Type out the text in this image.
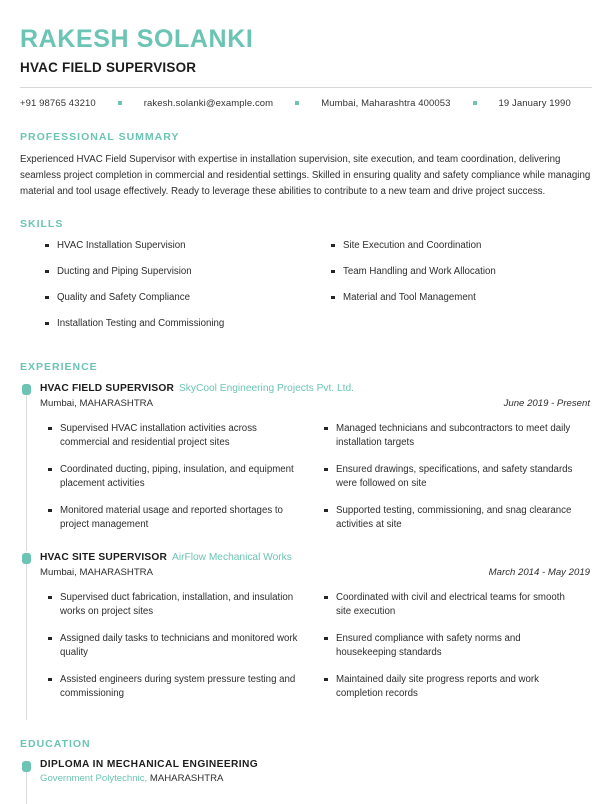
RAKESH SOLANKI
HVAC FIELD SUPERVISOR
+91 98765 43210	rakesh.solanki@example.com	Mumbai, Maharashtra 400053	19 January 1990
PROFESSIONAL SUMMARY

Experienced HVAC Field Supervisor with expertise in installation supervision, site execution, and team coordination, delivering seamless project completion in commercial and residential settings. Skilled in ensuring quality and safety compliance while managing material and tool usage effectively. Ready to leverage these abilities to contribute to a new team and drive project success.

SKILLS
HVAC Installation Supervision
Ducting and Piping Supervision
Quality and Safety Compliance
Installation Testing and Commissioning
Site Execution and Coordination
Team Handling and Work Allocation
Material and Tool Management
EXPERIENCE
HVAC FIELD SUPERVISOR SkyCool Engineering Projects Pvt. Ltd.
Mumbai, MAHARASHTRA	June 2019 - Present
Supervised HVAC installation activities across commercial and residential project sites
Coordinated ducting, piping, insulation, and equipment placement activities
Monitored material usage and reported shortages to project management
Managed technicians and subcontractors to meet daily installation targets
Ensured drawings, specifications, and safety standards were followed on site
Supported testing, commissioning, and snag clearance activities at site
HVAC SITE SUPERVISOR AirFlow Mechanical Works
Mumbai, MAHARASHTRA	March 2014 - May 2019
Supervised duct fabrication, installation, and insulation works on project sites
Assigned daily tasks to technicians and monitored work quality
Assisted engineers during system pressure testing and commissioning
Coordinated with civil and electrical teams for smooth site execution
Ensured compliance with safety norms and housekeeping standards
Maintained daily site progress reports and work completion records
EDUCATION
DIPLOMA IN MECHANICAL ENGINEERING
Government Polytechnic, MAHARASHTRA
